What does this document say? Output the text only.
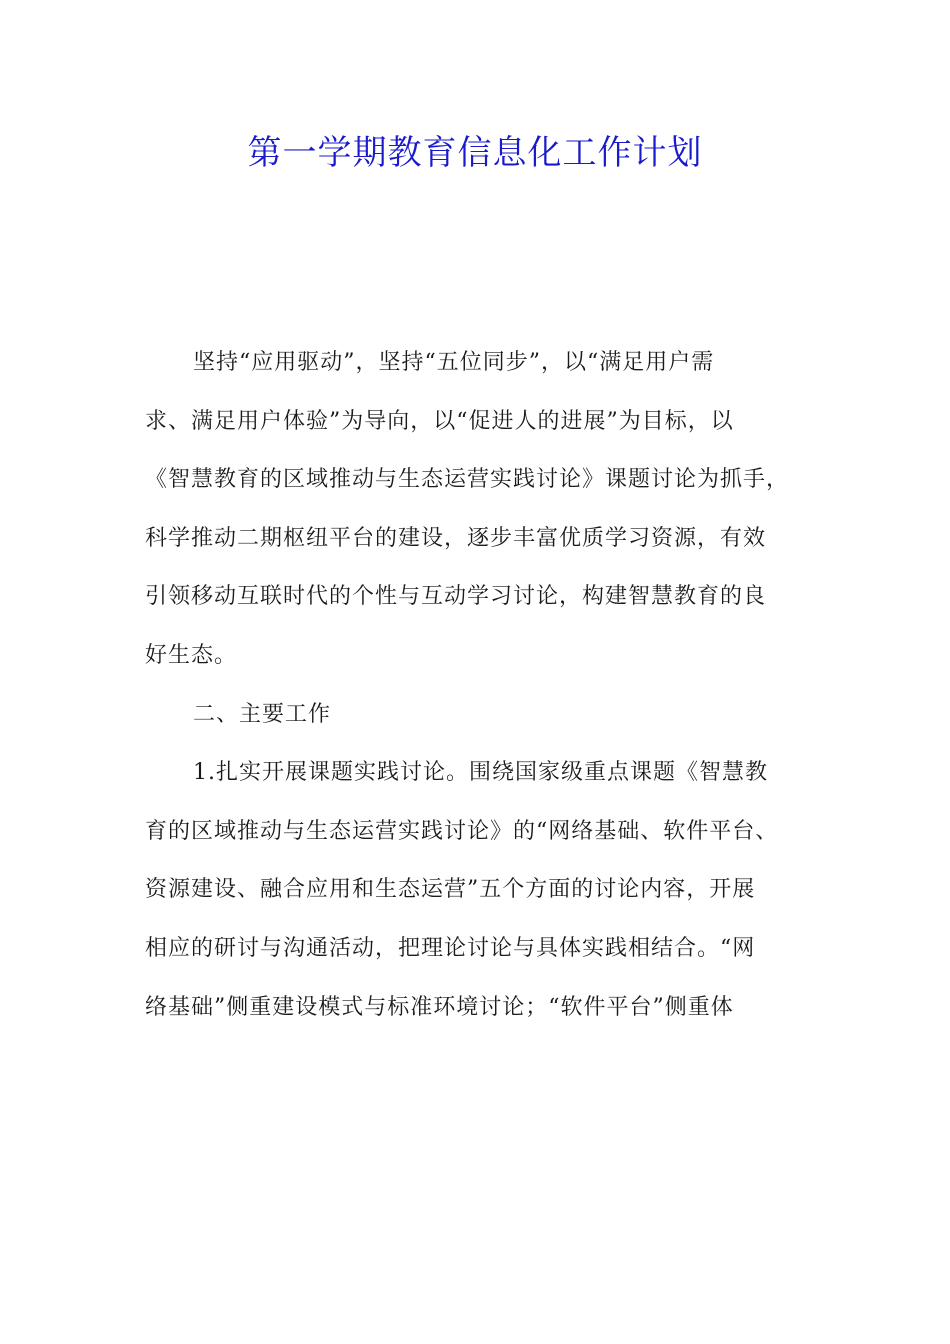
第一学期教育信息化工作计划
坚持“应用驱动”，坚持“五位同步”，以“满足用户需
求、满足用户体验”为导向，以“促进人的进展”为目标，以
《智慧教育的区域推动与生态运营实践讨论》课题讨论为抓手，
科学推动二期枢纽平台的建设，逐步丰富优质学习资源，有效
引领移动互联时代的个性与互动学习讨论，构建智慧教育的良
好生态。
二、主要工作
1.扎实开展课题实践讨论。围绕国家级重点课题《智慧教
育的区域推动与生态运营实践讨论》的“网络基础、软件平台、
资源建设、融合应用和生态运营”五个方面的讨论内容，开展
相应的研讨与沟通活动，把理论讨论与具体实践相结合。“网
络基础”侧重建设模式与标准环境讨论；“软件平台”侧重体
